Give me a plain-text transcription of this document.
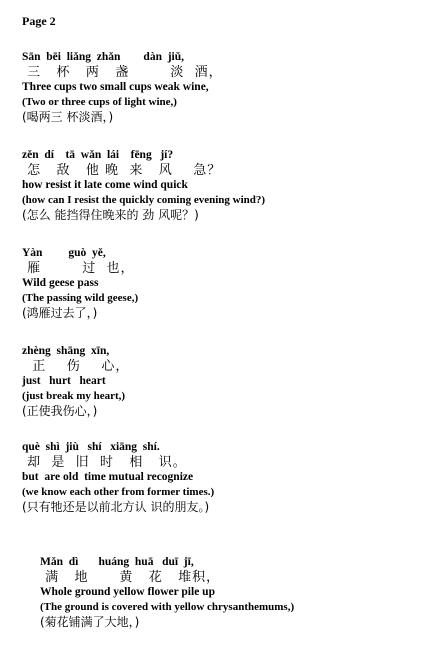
Page 2
Sān  bēi  liǎng  zhǎn        dàn  jiǔ,
三   杯   两   盏        淡  酒，
Three cups two small cups weak wine,
(Two or three cups of light wine,)
(喝两三 杯淡酒，)
zěn  dí    tā  wǎn  lái    fēng   jí?
怎   敌   他 晚  来   风    急？
how resist it late come wind quick
(how can I resist the quickly coming evening wind?)
(怎么 能挡得住晚来的 劲 风呢？)
Yàn         guò  yě,
雁        过  也，
Wild geese pass
(The passing wild geese,)
(鸿雁过去了，)
zhèng  shāng  xīn,
正    伤    心，
just   hurt   heart
(just break my heart,)
(正使我伤心，)
què  shì  jiù   shí   xiāng  shí.
却  是  旧  时   相   识。
but  are old  time mutual recognize
(we know each other from former times.)
(只有牠还是以前北方认 识的朋友。)
Mǎn  dì       huáng  huā   duī  jī,
满   地      黄   花   堆积，
Whole ground yellow flower pile up
(The ground is covered with yellow chrysanthemums,)
(菊花铺满了大地，)
